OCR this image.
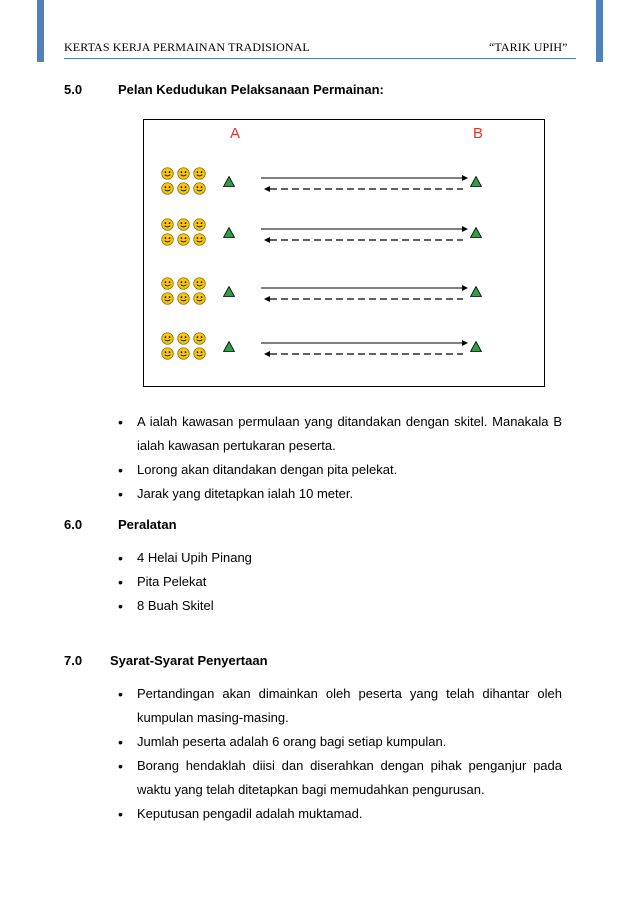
KERTAS KERJA PERMAINAN TRADISIONAL	“TARIK UPIH”
5.0	Pelan Kedudukan Pelaksanaan Permainan:
A	B
• A ialah kawasan permulaan yang ditandakan dengan skitel. Manakala B ialah kawasan pertukaran peserta.
• Lorong akan ditandakan dengan pita pelekat.
• Jarak yang ditetapkan ialah 10 meter.
6.0	Peralatan
• 4 Helai Upih Pinang
• Pita Pelekat
• 8 Buah Skitel
7.0 Syarat-Syarat Penyertaan
• Pertandingan akan dimainkan oleh peserta yang telah dihantar oleh kumpulan masing-masing.
• Jumlah peserta adalah 6 orang bagi setiap kumpulan.
• Borang hendaklah diisi dan diserahkan dengan pihak penganjur pada waktu yang telah ditetapkan bagi memudahkan pengurusan.
• Keputusan pengadil adalah muktamad.
